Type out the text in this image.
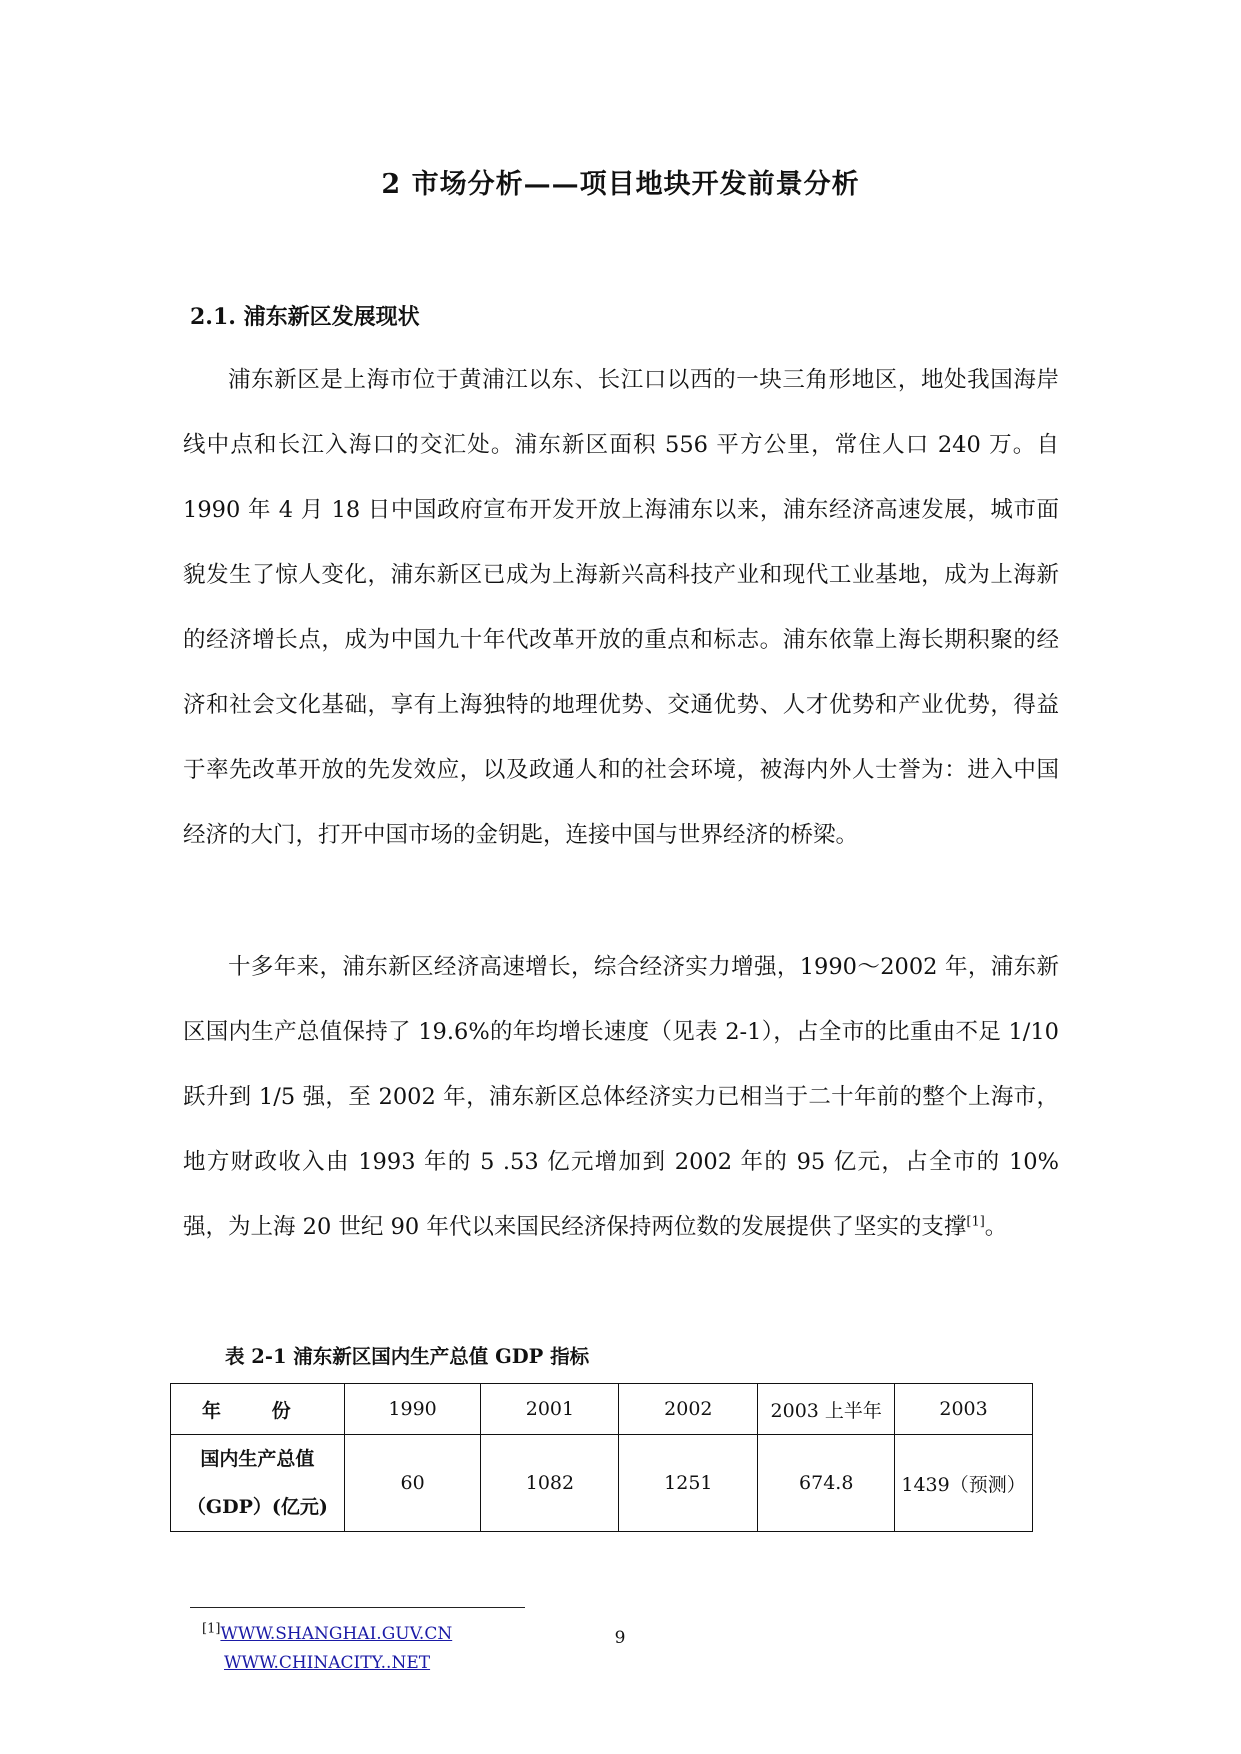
2 市场分析——项目地块开发前景分析
2.1. 浦东新区发展现状

浦东新区是上海市位于黄浦江以东、长江口以西的一块三角形地区，地处我国海岸线中点和长江入海口的交汇处。浦东新区面积 556 平方公里，常住人口 240 万。自 1990 年 4 月 18 日中国政府宣布开发开放上海浦东以来，浦东经济高速发展，城市面貌发生了惊人变化，浦东新区已成为上海新兴高科技产业和现代工业基地，成为上海新的经济增长点，成为中国九十年代改革开放的重点和标志。浦东依靠上海长期积聚的经济和社会文化基础，享有上海独特的地理优势、交通优势、人才优势和产业优势，得益于率先改革开放的先发效应，以及政通人和的社会环境，被海内外人士誉为：进入中国经济的大门，打开中国市场的金钥匙，连接中国与世界经济的桥梁。

十多年来，浦东新区经济高速增长，综合经济实力增强，1990～2002 年，浦东新区国内生产总值保持了 19.6%的年均增长速度（见表 2-1），占全市的比重由不足 1/10 跃升到 1/5 强，至 2002 年，浦东新区总体经济实力已相当于二十年前的整个上海市，地方财政收入由 1993 年的 5 .53 亿元增加到 2002 年的 95 亿元，占全市的 10%强，为上海 20 世纪 90 年代以来国民经济保持两位数的发展提供了坚实的支撑[1]。

表 2-1 浦东新区国内生产总值 GDP 指标
年 份	1990	2001	2002	2003 上半年	2003

国内生产总值
（GDP）(亿元)	60	1082	1251	674.8	1439（预测）
[1]WWW.SHANGHAI.GUV.CN
WWW.CHINACITY..NET
9
